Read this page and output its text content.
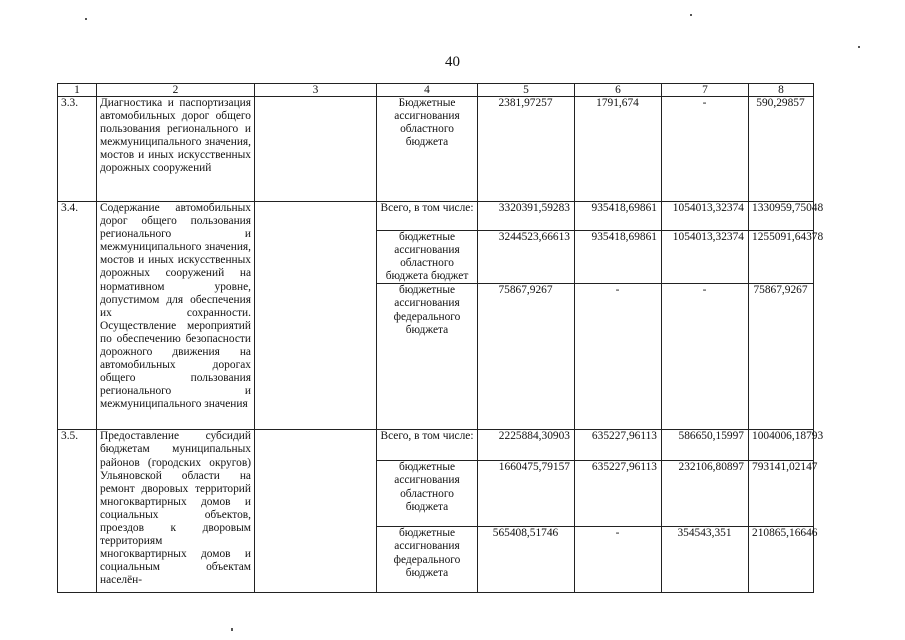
40
1	2	3	4	5	6	7	8
3.3.	Диагностика и паспортизация автомобильных дорог общего пользования регионального и межмуниципального значения, мостов и иных искусственных дорожных сооружений		Бюджетные ассигнования областного бюджета	2381,97257	1791,674	-	590,29857
3.4.	Содержание автомобильных дорог общего пользования регионального и межмуниципального значения, мостов и иных искусственных дорожных сооружений на нормативном уровне, допустимом для обеспечения их сохранности. Осуществление мероприятий по обеспечению безопасности дорожного движения на автомобильных дорогах общего пользования регионального и межмуниципального значения		Всего, в том числе:	3320391,59283	935418,69861	1054013,32374	1330959,75048
			бюджетные ассигнования областного бюджета бюджет	3244523,66613	935418,69861	1054013,32374	1255091,64378
			бюджетные ассигнования федерального бюджета	75867,9267	-	-	75867,9267
3.5.	Предоставление субсидий бюджетам муниципальных районов (городских округов) Ульяновской области на ремонт дворовых территорий многоквартирных домов и социальных объектов, проездов к дворовым территориям многоквартирных домов и социальным объектам населён-		Всего, в том числе:	2225884,30903	635227,96113	586650,15997	1004006,18793
			бюджетные ассигнования областного бюджета	1660475,79157	635227,96113	232106,80897	793141,02147
			бюджетные ассигнования федерального бюджета	565408,51746	-	354543,351	210865,16646
